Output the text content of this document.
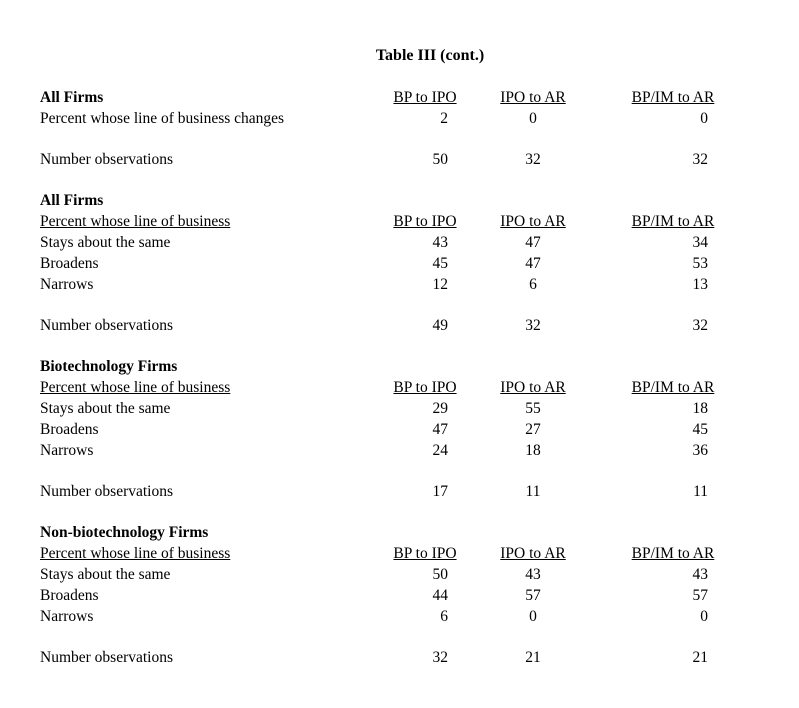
Table III (cont.)
All Firms	BP to IPO	IPO to AR	BP/IM to AR
Percent whose line of business changes	2	0	0
Number observations	50	32	32
All Firms
Percent whose line of business	BP to IPO	IPO to AR	BP/IM to AR
Stays about the same	43	47	34
Broadens	45	47	53
Narrows	12	6	13
Number observations	49	32	32
Biotechnology Firms
Percent whose line of business	BP to IPO	IPO to AR	BP/IM to AR
Stays about the same	29	55	18
Broadens	47	27	45
Narrows	24	18	36
Number observations	17	11	11
Non-biotechnology Firms
Percent whose line of business	BP to IPO	IPO to AR	BP/IM to AR
Stays about the same	50	43	43
Broadens	44	57	57
Narrows	6	0	0
Number observations	32	21	21
